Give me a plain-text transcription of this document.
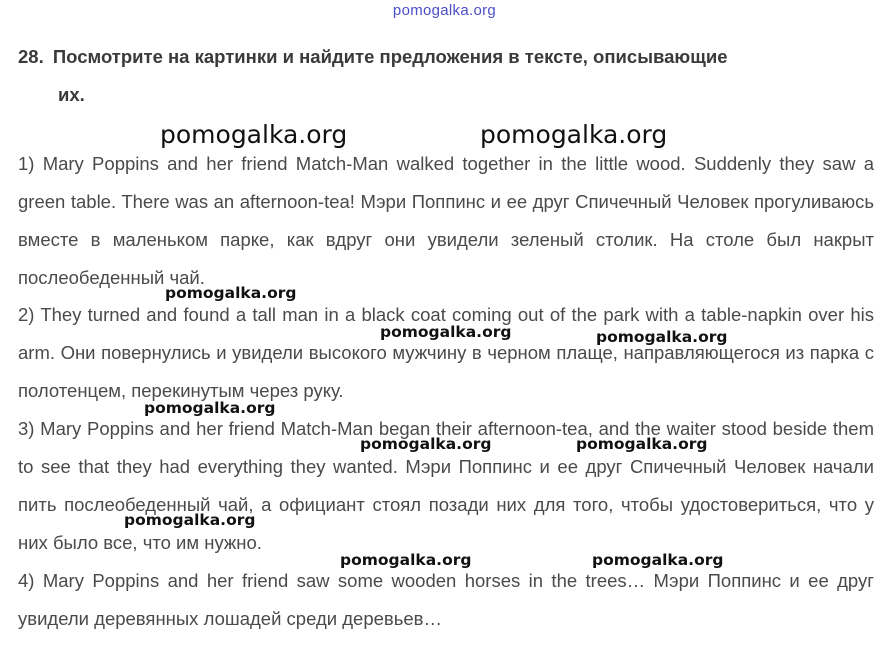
pomogalka.org
28. Посмотрите на картинки и найдите предложения в тексте, описывающие
их.
pomogalka.org	pomogalka.org
1) Mary Poppins and her friend Match-Man walked together in the little wood. Suddenly they saw a green table. There was an afternoon-tea! Мэри Поппинс и ее друг Спичечный Человек прогуливаюсь вместе в маленьком парке, как вдруг они увидели зеленый столик. На столе был накрыт послеобеденный чай.
2) They turned and found a tall man in a black coat coming out of the park with a table-napkin over his arm. Они повернулись и увидели высокого мужчину в черном плаще, направляющегося из парка с полотенцем, перекинутым через руку.
3) Mary Poppins and her friend Match-Man began their afternoon-tea, and the waiter stood beside them to see that they had everything they wanted. Мэри Поппинс и ее друг Спичечный Человек начали пить послеобеденный чай, а официант стоял позади них для того, чтобы удостовериться, что у них было все, что им нужно.
4) Mary Poppins and her friend saw some wooden horses in the trees… Мэри Поппинс и ее друг увидели деревянных лошадей среди деревьев…
pomogalka.org
pomogalka.org	pomogalka.org
pomogalka.org
pomogalka.org	pomogalka.org
pomogalka.org
pomogalka.org	pomogalka.org
